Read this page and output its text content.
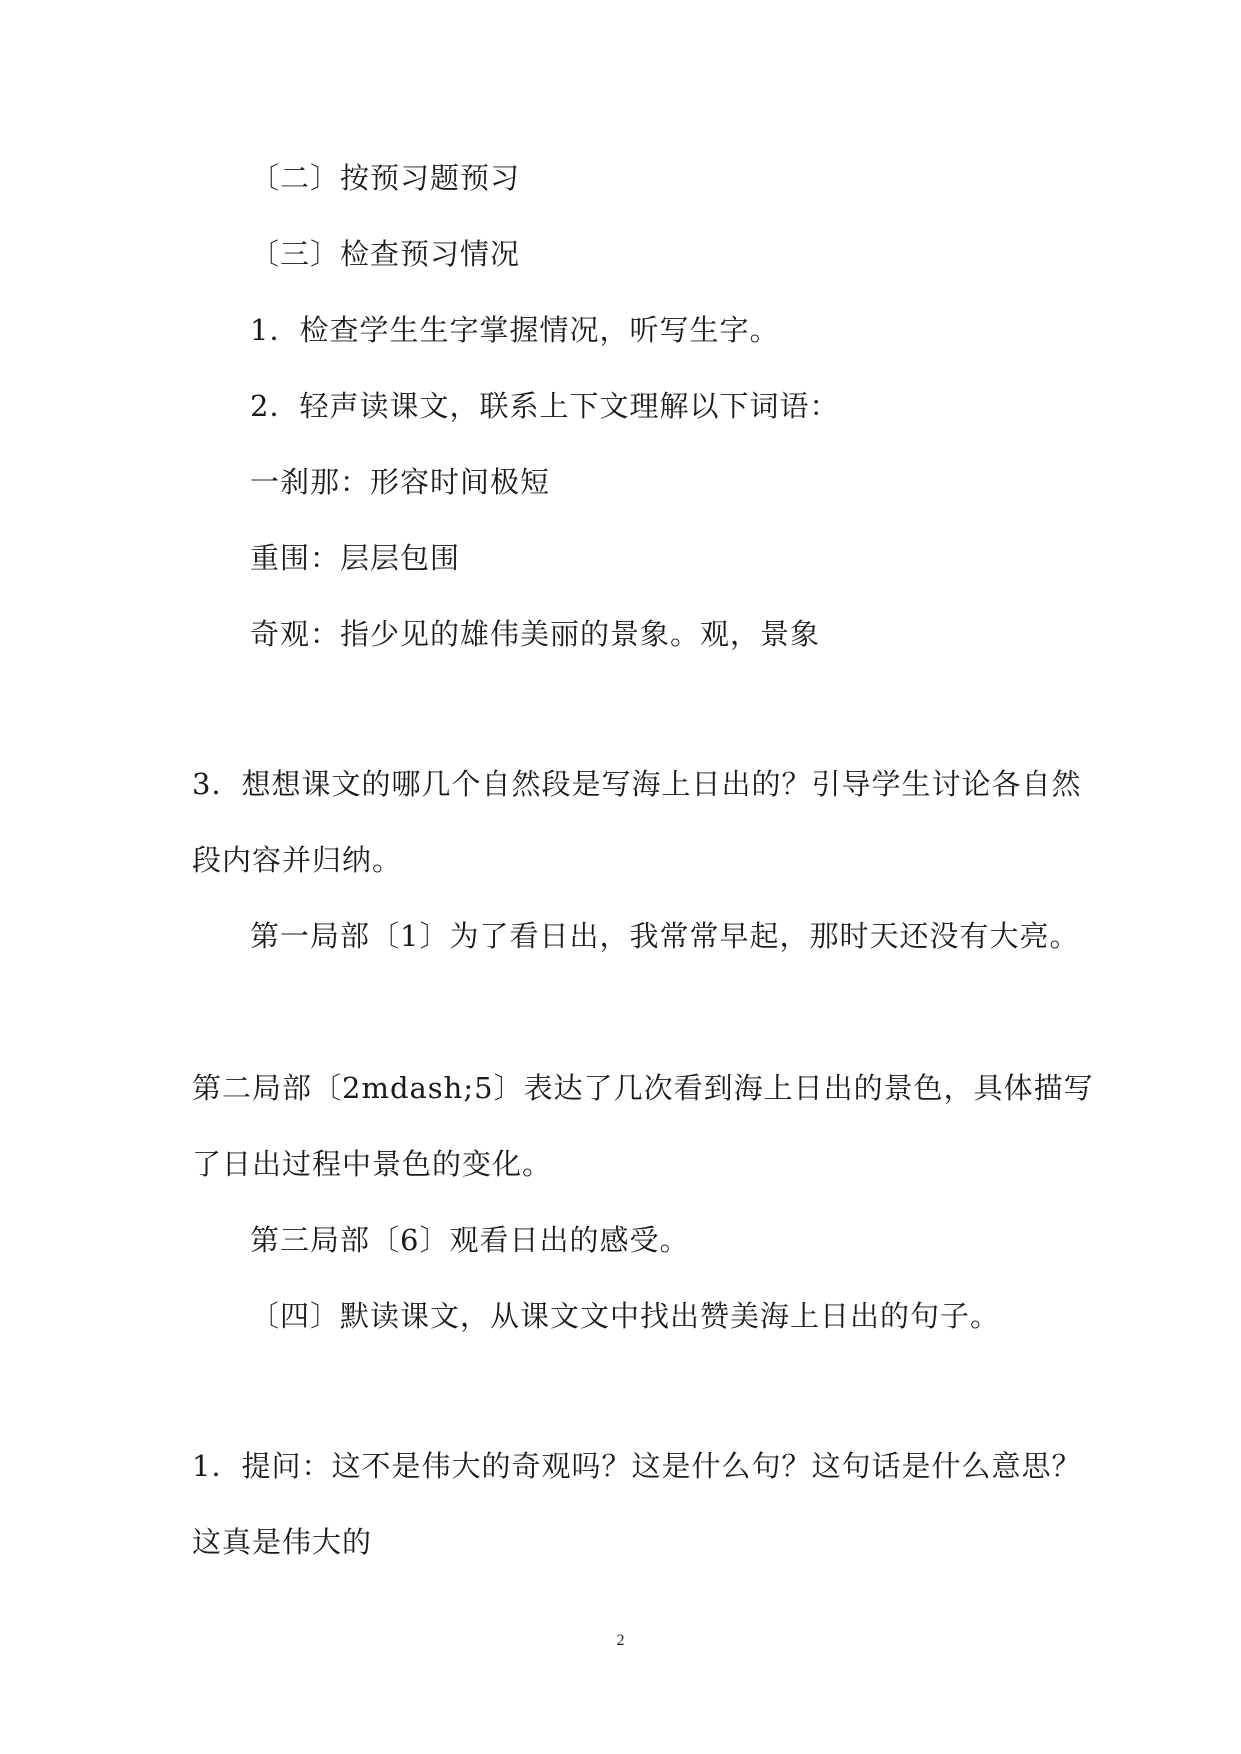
〔二〕按预习题预习
〔三〕检查预习情况
1．检查学生生字掌握情况，听写生字。
2．轻声读课文，联系上下文理解以下词语：
一刹那：形容时间极短
重围：层层包围
奇观：指少见的雄伟美丽的景象。观，景象
3．想想课文的哪几个自然段是写海上日出的？引导学生讨论各自然
段内容并归纳。
第一局部〔1〕为了看日出，我常常早起，那时天还没有大亮。
第二局部〔2mdash;5〕表达了几次看到海上日出的景色，具体描写
了日出过程中景色的变化。
第三局部〔6〕观看日出的感受。
〔四〕默读课文，从课文文中找出赞美海上日出的句子。
1．提问：这不是伟大的奇观吗？这是什么句？这句话是什么意思？
这真是伟大的
2
